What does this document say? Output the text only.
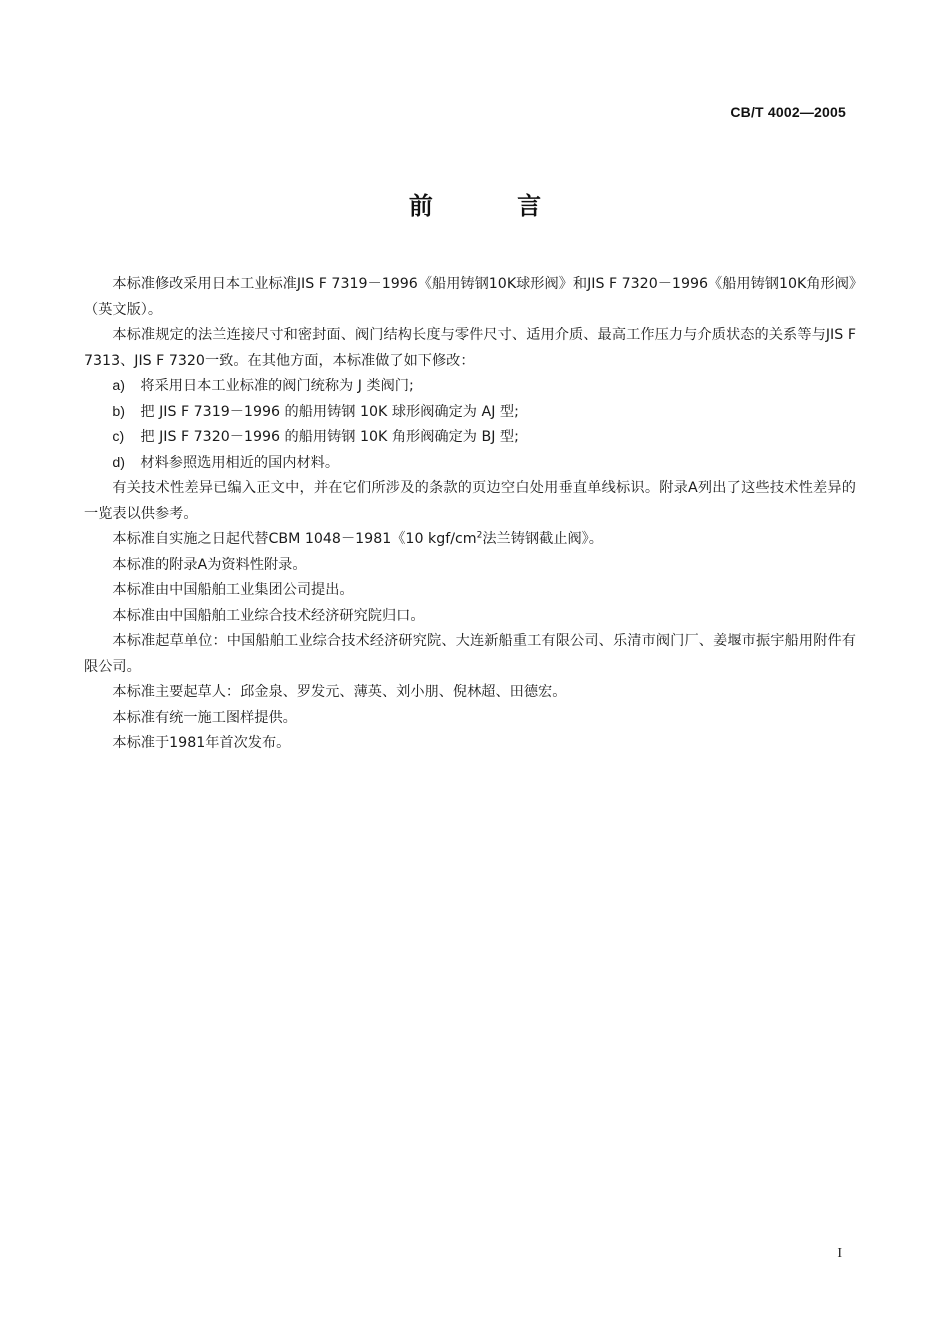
CB/T 4002—2005
前 言

本标准修改采用日本工业标准JIS F 7319－1996《船用铸钢10K球形阀》和JIS F 7320－1996《船用铸钢10K角形阀》（英文版）。

本标准规定的法兰连接尺寸和密封面、阀门结构长度与零件尺寸、适用介质、最高工作压力与介质状态的关系等与JIS F 7313、JIS F 7320一致。在其他方面，本标准做了如下修改：

a) 将采用日本工业标准的阀门统称为 J 类阀门;

b) 把 JIS F 7319－1996 的船用铸钢 10K 球形阀确定为 AJ 型;

c) 把 JIS F 7320－1996 的船用铸钢 10K 角形阀确定为 BJ 型;

d) 材料参照选用相近的国内材料。

有关技术性差异已编入正文中，并在它们所涉及的条款的页边空白处用垂直单线标识。附录A列出了这些技术性差异的一览表以供参考。

本标准自实施之日起代替CBM 1048－1981《10 kgf/$cm^2$法兰铸钢截止阀》。

本标准的附录A为资料性附录。

本标准由中国船舶工业集团公司提出。

本标准由中国船舶工业综合技术经济研究院归口。

本标准起草单位：中国船舶工业综合技术经济研究院、大连新船重工有限公司、乐清市阀门厂、姜堰市振宇船用附件有限公司。

本标准主要起草人：邱金泉、罗发元、薄英、刘小朋、倪林超、田德宏。

本标准有统一施工图样提供。

本标准于1981年首次发布。

I
